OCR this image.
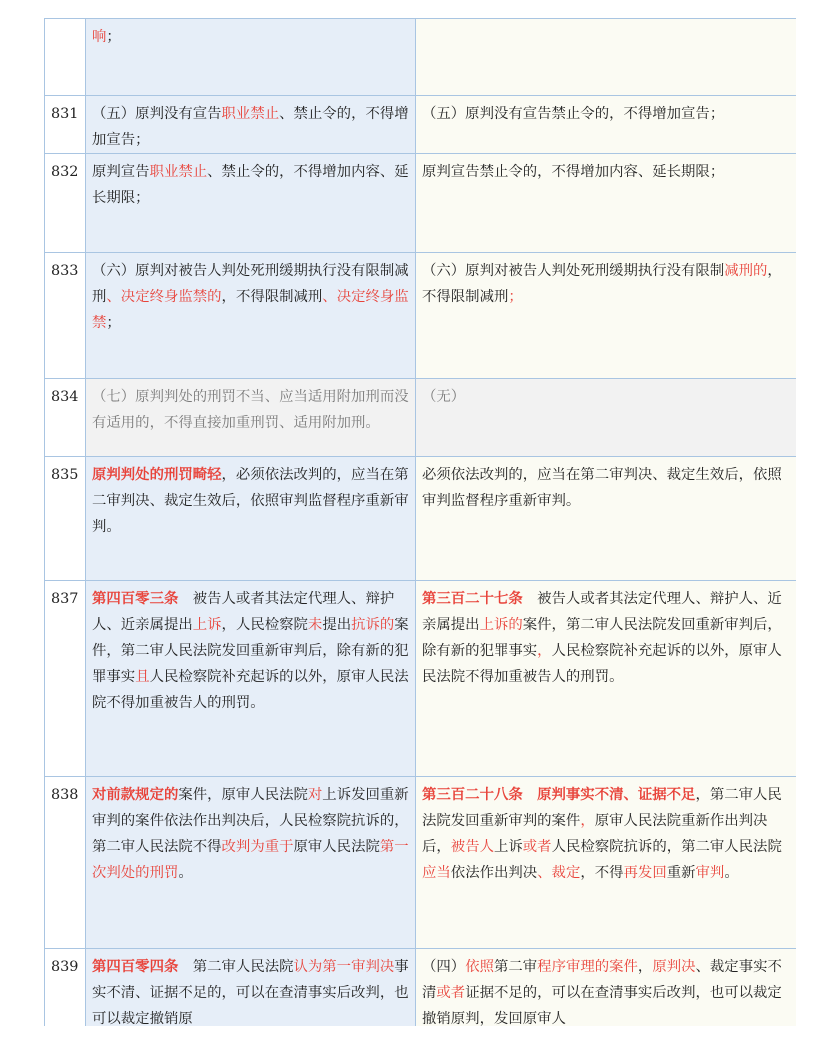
	响；	
831	（五）原判没有宣告职业禁止、禁止令的，不得增加宣告；	（五）原判没有宣告禁止令的，不得增加宣告；
832	原判宣告职业禁止、禁止令的，不得增加内容、延长期限；	原判宣告禁止令的，不得增加内容、延长期限；
833	（六）原判对被告人判处死刑缓期执行没有限制减刑、决定终身监禁的，不得限制减刑、决定终身监禁；	（六）原判对被告人判处死刑缓期执行没有限制减刑的，不得限制减刑；
834	（七）原判判处的刑罚不当、应当适用附加刑而没有适用的，不得直接加重刑罚、适用附加刑。	（无）
835	原判判处的刑罚畸轻，必须依法改判的，应当在第二审判决、裁定生效后，依照审判监督程序重新审判。	必须依法改判的，应当在第二审判决、裁定生效后，依照审判监督程序重新审判。
837	第四百零三条　被告人或者其法定代理人、辩护人、近亲属提出上诉，人民检察院未提出抗诉的案件，第二审人民法院发回重新审判后，除有新的犯罪事实且人民检察院补充起诉的以外，原审人民法院不得加重被告人的刑罚。	第三百二十七条　被告人或者其法定代理人、辩护人、近亲属提出上诉的案件，第二审人民法院发回重新审判后，除有新的犯罪事实，人民检察院补充起诉的以外，原审人民法院不得加重被告人的刑罚。
838	对前款规定的案件，原审人民法院对上诉发回重新审判的案件依法作出判决后，人民检察院抗诉的，第二审人民法院不得改判为重于原审人民法院第一次判处的刑罚。	第三百二十八条　原判事实不清、证据不足，第二审人民法院发回重新审判的案件，原审人民法院重新作出判决后，被告人上诉或者人民检察院抗诉的，第二审人民法院应当依法作出判决、裁定，不得再发回重新审判。
839	第四百零四条　第二审人民法院认为第一审判决事实不清、证据不足的，可以在查清事实后改判，也可以裁定撤销原	（四）依照第二审程序审理的案件，原判决、裁定事实不清或者证据不足的，可以在查清事实后改判，也可以裁定撤销原判，发回原审人
